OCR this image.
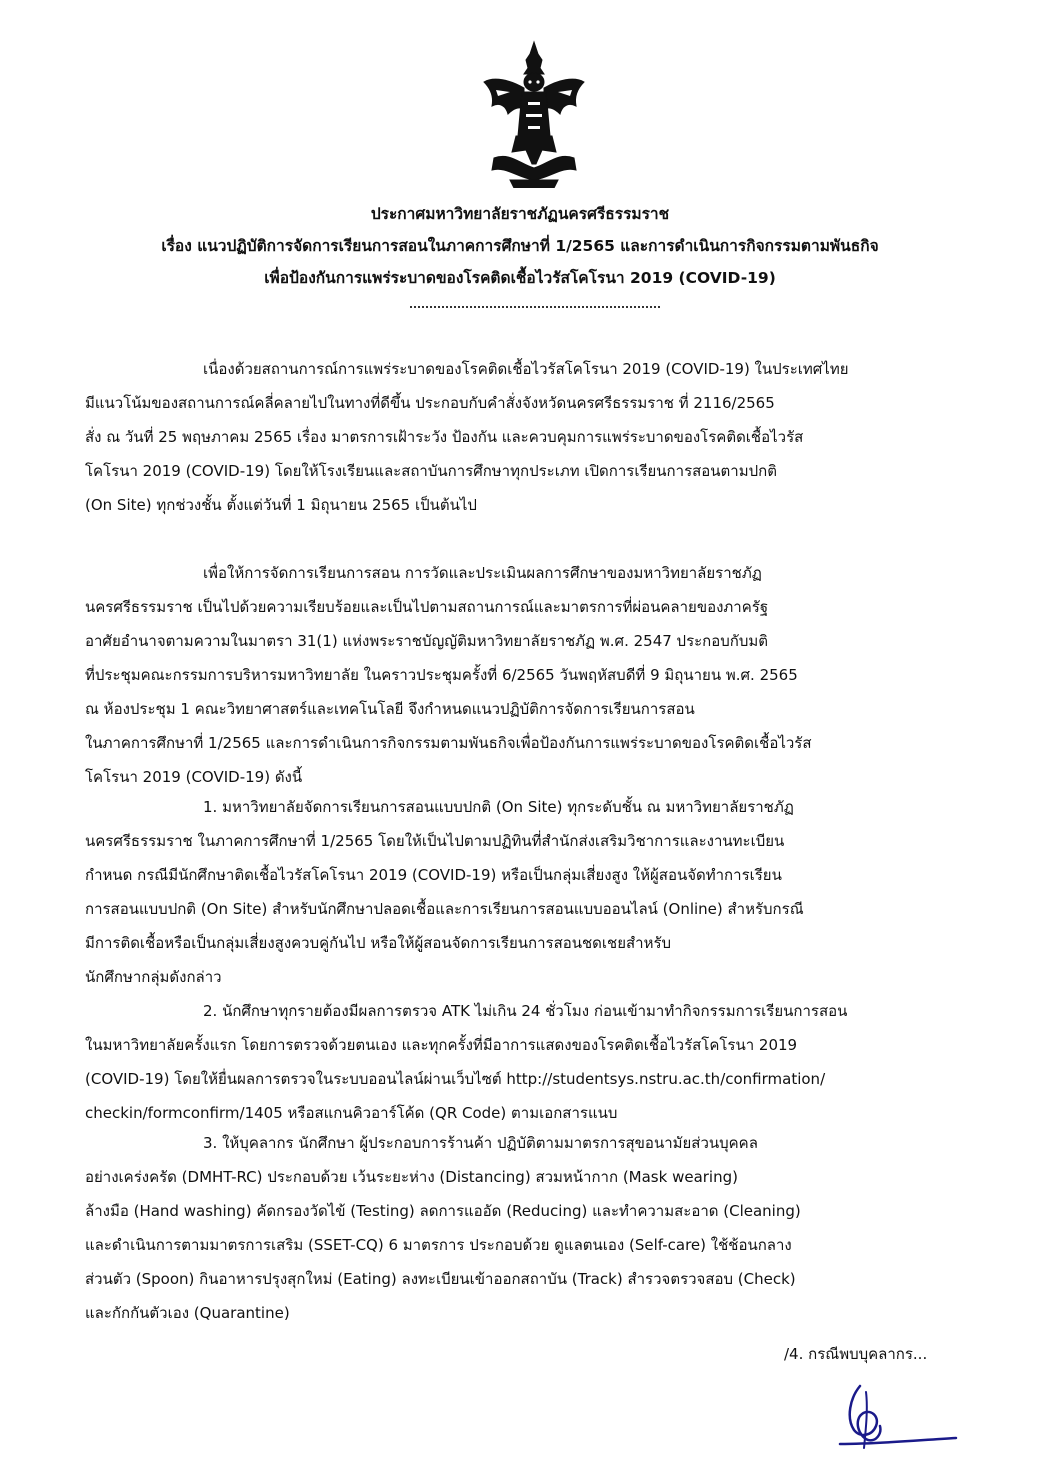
ประกาศมหาวิทยาลัยราชภัฏนครศรีธรรมราช
เรื่อง แนวปฏิบัติการจัดการเรียนการสอนในภาคการศึกษาที่ 1/2565 และการดำเนินการกิจกรรมตามพันธกิจ
เพื่อป้องกันการแพร่ระบาดของโรคติดเชื้อไวรัสโคโรนา 2019 (COVID-19)
เนื่องด้วยสถานการณ์การแพร่ระบาดของโรคติดเชื้อไวรัสโคโรนา 2019 (COVID-19) ในประเทศไทย
มีแนวโน้มของสถานการณ์คลี่คลายไปในทางที่ดีขึ้น ประกอบกับคำสั่งจังหวัดนครศรีธรรมราช ที่ 2116/2565
สั่ง ณ วันที่ 25 พฤษภาคม 2565 เรื่อง มาตรการเฝ้าระวัง ป้องกัน และควบคุมการแพร่ระบาดของโรคติดเชื้อไวรัส
โคโรนา 2019 (COVID-19) โดยให้โรงเรียนและสถาบันการศึกษาทุกประเภท เปิดการเรียนการสอนตามปกติ
(On Site) ทุกช่วงชั้น ตั้งแต่วันที่ 1 มิถุนายน 2565 เป็นต้นไป
เพื่อให้การจัดการเรียนการสอน การวัดและประเมินผลการศึกษาของมหาวิทยาลัยราชภัฏ
นครศรีธรรมราช เป็นไปด้วยความเรียบร้อยและเป็นไปตามสถานการณ์และมาตรการที่ผ่อนคลายของภาครัฐ
อาศัยอำนาจตามความในมาตรา 31(1) แห่งพระราชบัญญัติมหาวิทยาลัยราชภัฏ พ.ศ. 2547 ประกอบกับมติ
ที่ประชุมคณะกรรมการบริหารมหาวิทยาลัย ในคราวประชุมครั้งที่ 6/2565 วันพฤหัสบดีที่ 9 มิถุนายน พ.ศ. 2565
ณ ห้องประชุม 1 คณะวิทยาศาสตร์และเทคโนโลยี จึงกำหนดแนวปฏิบัติการจัดการเรียนการสอน
ในภาคการศึกษาที่ 1/2565 และการดำเนินการกิจกรรมตามพันธกิจเพื่อป้องกันการแพร่ระบาดของโรคติดเชื้อไวรัส
โคโรนา 2019 (COVID-19) ดังนี้
1. มหาวิทยาลัยจัดการเรียนการสอนแบบปกติ (On Site) ทุกระดับชั้น ณ มหาวิทยาลัยราชภัฏ
นครศรีธรรมราช ในภาคการศึกษาที่ 1/2565 โดยให้เป็นไปตามปฏิทินที่สำนักส่งเสริมวิชาการและงานทะเบียน
กำหนด กรณีมีนักศึกษาติดเชื้อไวรัสโคโรนา 2019 (COVID-19) หรือเป็นกลุ่มเสี่ยงสูง ให้ผู้สอนจัดทำการเรียน
การสอนแบบปกติ (On Site) สำหรับนักศึกษาปลอดเชื้อและการเรียนการสอนแบบออนไลน์ (Online) สำหรับกรณี
มีการติดเชื้อหรือเป็นกลุ่มเสี่ยงสูงควบคู่กันไป หรือให้ผู้สอนจัดการเรียนการสอนชดเชยสำหรับ
นักศึกษากลุ่มดังกล่าว
2. นักศึกษาทุกรายต้องมีผลการตรวจ ATK ไม่เกิน 24 ชั่วโมง ก่อนเข้ามาทำกิจกรรมการเรียนการสอน
ในมหาวิทยาลัยครั้งแรก โดยการตรวจด้วยตนเอง และทุกครั้งที่มีอาการแสดงของโรคติดเชื้อไวรัสโคโรนา 2019
(COVID-19) โดยให้ยื่นผลการตรวจในระบบออนไลน์ผ่านเว็บไซต์ http://studentsys.nstru.ac.th/confirmation/
checkin/formconfirm/1405 หรือสแกนคิวอาร์โค้ด (QR Code) ตามเอกสารแนบ
3. ให้บุคลากร นักศึกษา ผู้ประกอบการร้านค้า ปฏิบัติตามมาตรการสุขอนามัยส่วนบุคคล
อย่างเคร่งครัด (DMHT-RC) ประกอบด้วย เว้นระยะห่าง (Distancing) สวมหน้ากาก (Mask wearing)
ล้างมือ (Hand washing) คัดกรองวัดไข้ (Testing) ลดการแออัด (Reducing) และทำความสะอาด (Cleaning)
และดำเนินการตามมาตรการเสริม (SSET-CQ) 6 มาตรการ ประกอบด้วย ดูแลตนเอง (Self-care) ใช้ช้อนกลาง
ส่วนตัว (Spoon) กินอาหารปรุงสุกใหม่ (Eating) ลงทะเบียนเข้าออกสถาบัน (Track) สำรวจตรวจสอบ (Check)
และกักกันตัวเอง (Quarantine)
/4. กรณีพบบุคลากร...
